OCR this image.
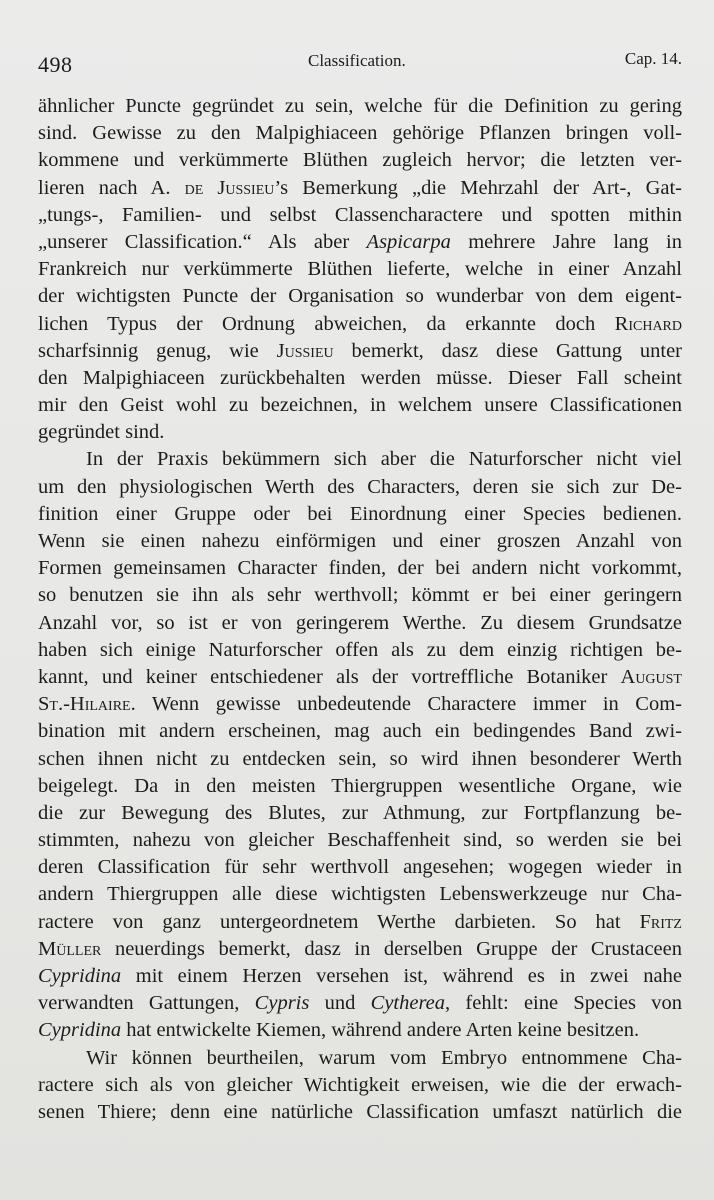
498	Classification.	Cap. 14.
ähnlicher Puncte gegründet zu sein, welche für die Definition zu gering
sind. Gewisse zu den Malpighiaceen gehörige Pflanzen bringen voll-
kommene und verkümmerte Blüthen zugleich hervor; die letzten ver-
lieren nach A. de Jussieu’s Bemerkung „die Mehrzahl der Art-, Gat-
„tungs-, Familien- und selbst Classencharactere und spotten mithin
„unserer Classification.“ Als aber Aspicarpa mehrere Jahre lang in
Frankreich nur verkümmerte Blüthen lieferte, welche in einer Anzahl
der wichtigsten Puncte der Organisation so wunderbar von dem eigent-
lichen Typus der Ordnung abweichen, da erkannte doch Richard
scharfsinnig genug, wie Jussieu bemerkt, dasz diese Gattung unter
den Malpighiaceen zurückbehalten werden müsse. Dieser Fall scheint
mir den Geist wohl zu bezeichnen, in welchem unsere Classificationen
gegründet sind.
In der Praxis bekümmern sich aber die Naturforscher nicht viel
um den physiologischen Werth des Characters, deren sie sich zur De-
finition einer Gruppe oder bei Einordnung einer Species bedienen.
Wenn sie einen nahezu einförmigen und einer groszen Anzahl von
Formen gemeinsamen Character finden, der bei andern nicht vorkommt,
so benutzen sie ihn als sehr werthvoll; kömmt er bei einer geringern
Anzahl vor, so ist er von geringerem Werthe. Zu diesem Grundsatze
haben sich einige Naturforscher offen als zu dem einzig richtigen be-
kannt, und keiner entschiedener als der vortreffliche Botaniker August
St.-Hilaire. Wenn gewisse unbedeutende Charactere immer in Com-
bination mit andern erscheinen, mag auch ein bedingendes Band zwi-
schen ihnen nicht zu entdecken sein, so wird ihnen besonderer Werth
beigelegt. Da in den meisten Thiergruppen wesentliche Organe, wie
die zur Bewegung des Blutes, zur Athmung, zur Fortpflanzung be-
stimmten, nahezu von gleicher Beschaffenheit sind, so werden sie bei
deren Classification für sehr werthvoll angesehen; wogegen wieder in
andern Thiergruppen alle diese wichtigsten Lebenswerkzeuge nur Cha-
ractere von ganz untergeordnetem Werthe darbieten. So hat Fritz
Müller neuerdings bemerkt, dasz in derselben Gruppe der Crustaceen
Cypridina mit einem Herzen versehen ist, während es in zwei nahe
verwandten Gattungen, Cypris und Cytherea, fehlt: eine Species von
Cypridina hat entwickelte Kiemen, während andere Arten keine besitzen.
Wir können beurtheilen, warum vom Embryo entnommene Cha-
ractere sich als von gleicher Wichtigkeit erweisen, wie die der erwach-
senen Thiere; denn eine natürliche Classification umfaszt natürlich die
